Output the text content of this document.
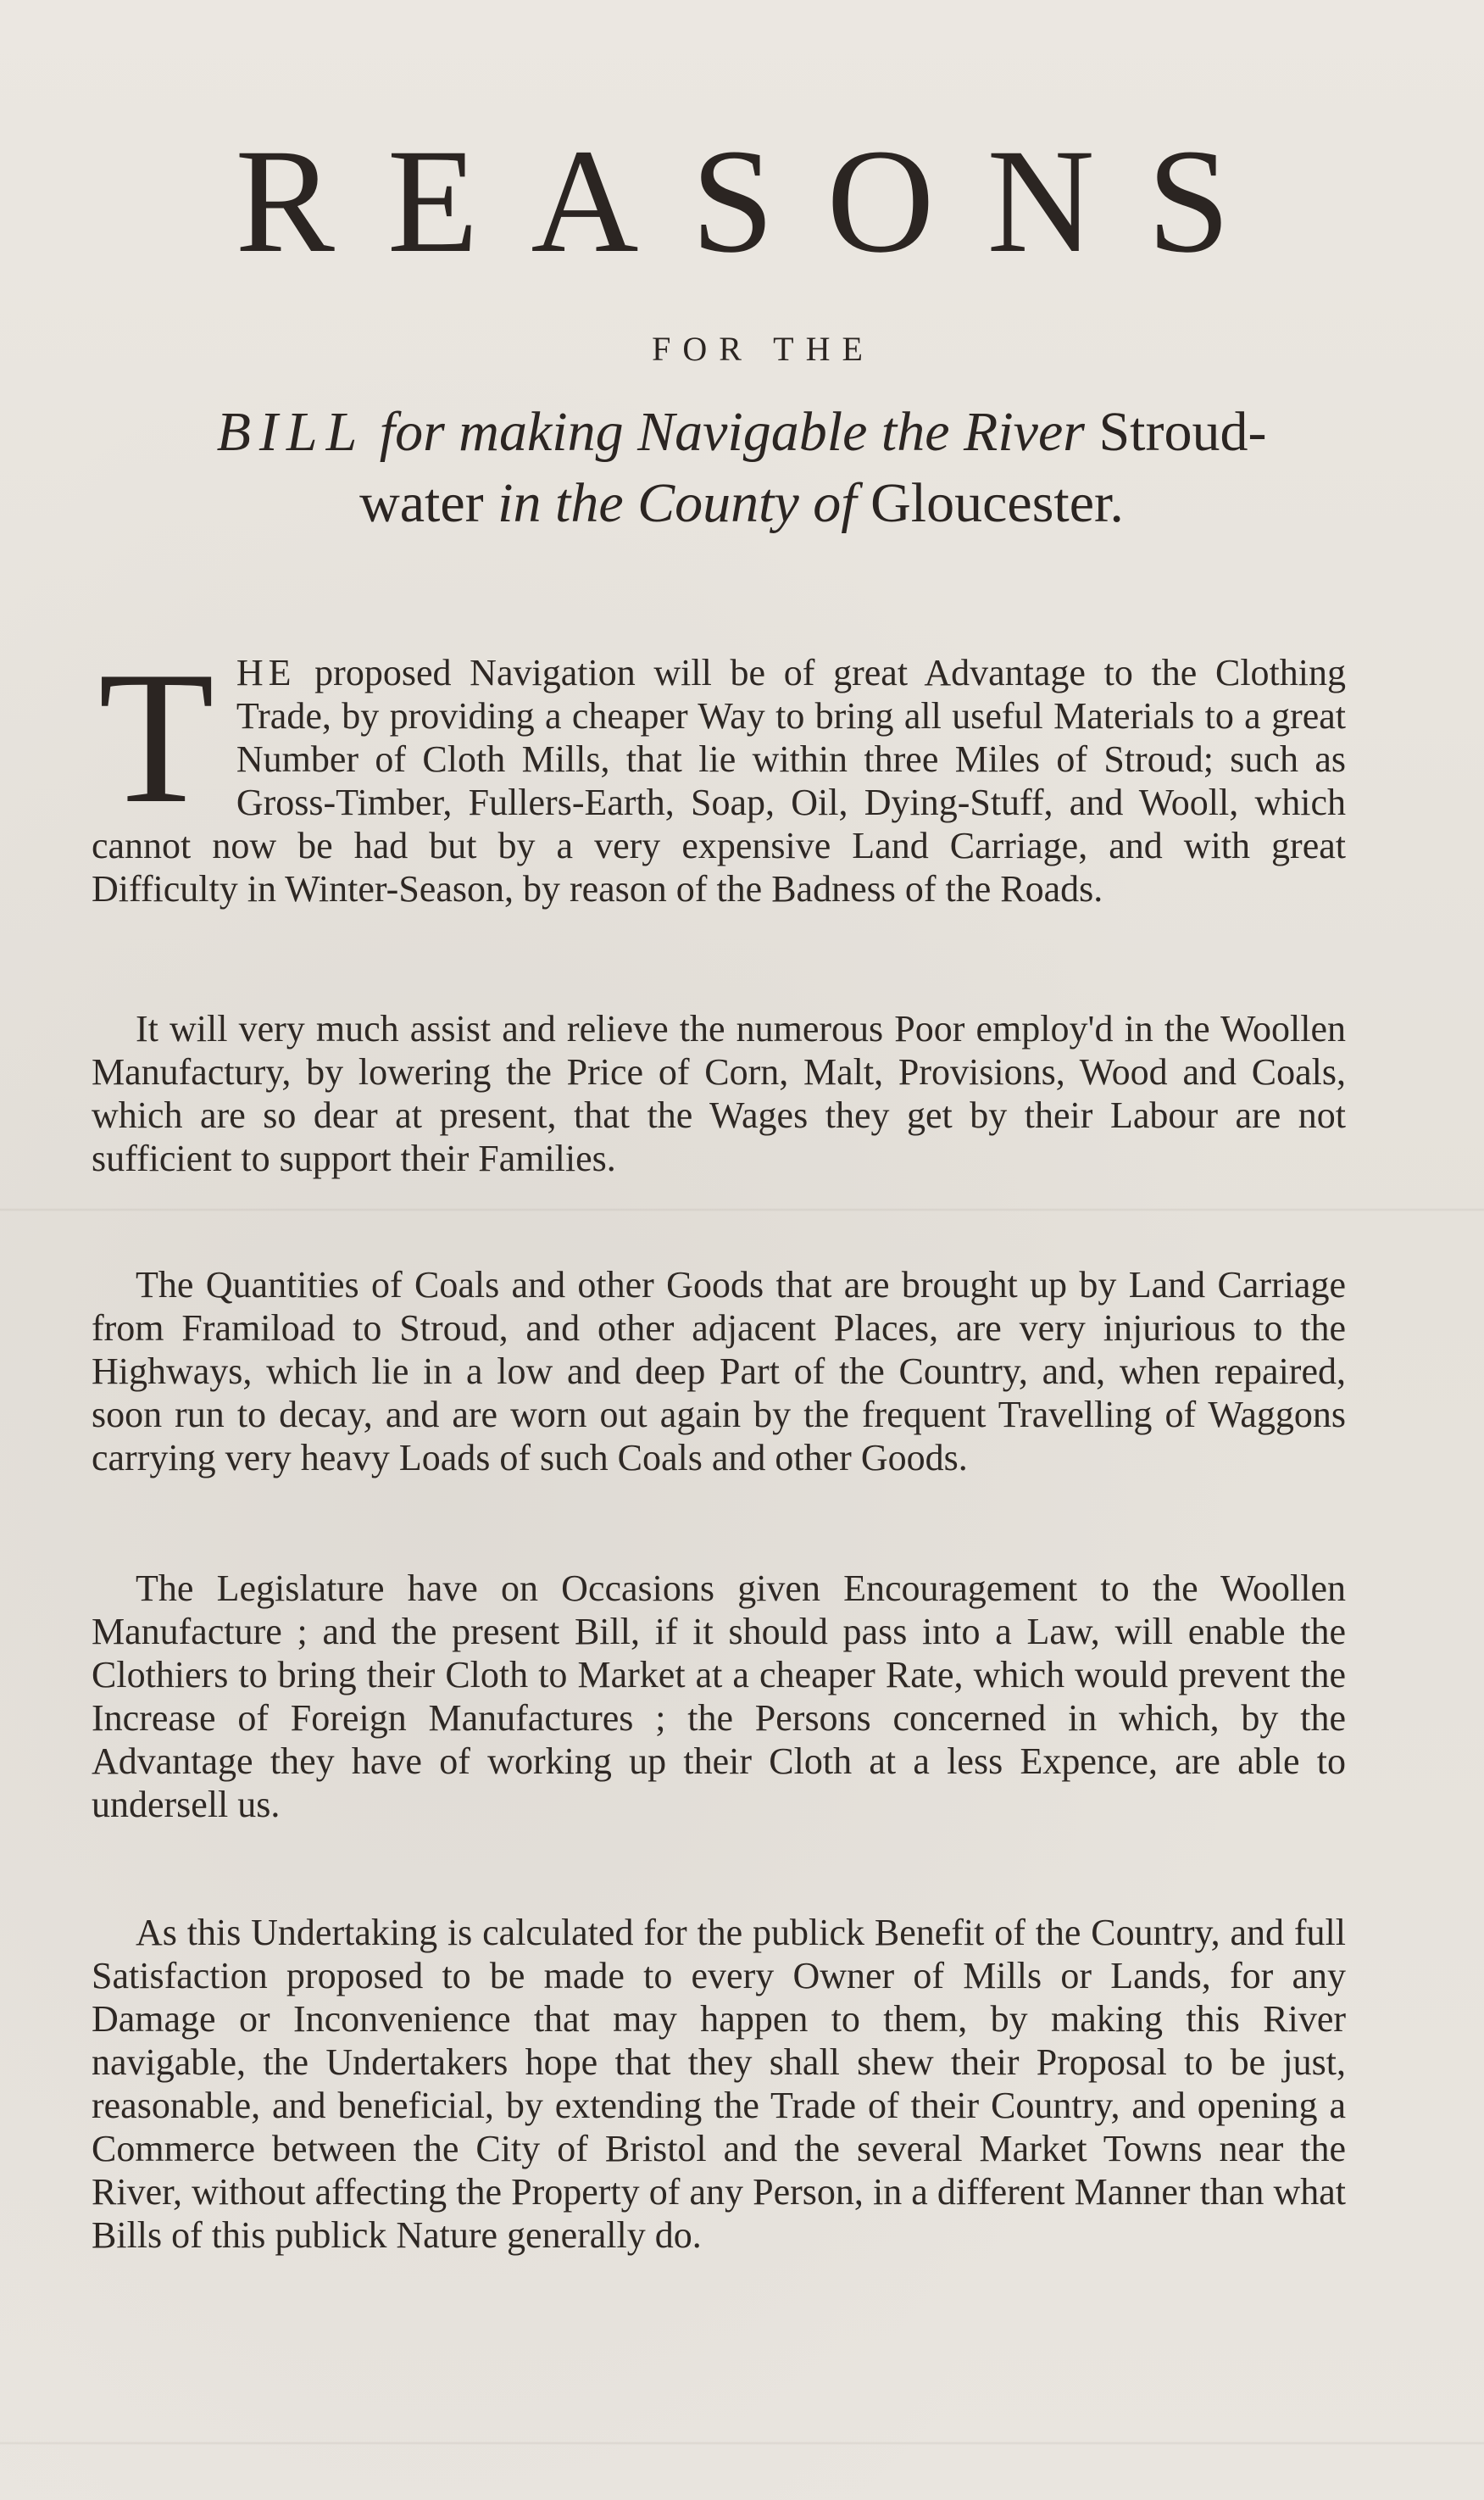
REASONS
FOR THE
BILL for making Navigable the River Stroud-
water in the County of Gloucester.

THE proposed Navigation will be of great Advantage to the Clothing Trade, by providing a cheaper Way to bring all useful Materials to a great Number of Cloth Mills, that lie within three Miles of Stroud; such as Gross-Timber, Fullers-Earth, Soap, Oil, Dying-Stuff, and Wooll, which cannot now be had but by a very expensive Land Carriage, and with great Difficulty in Winter-Season, by reason of the Badness of the Roads.

It will very much assist and relieve the numerous Poor employ'd in the Woollen Manufactury, by lowering the Price of Corn, Malt, Provisions, Wood and Coals, which are so dear at present, that the Wages they get by their Labour are not sufficient to support their Families.

The Quantities of Coals and other Goods that are brought up by Land Carriage from Framiload to Stroud, and other adjacent Places, are very injurious to the Highways, which lie in a low and deep Part of the Country, and, when repaired, soon run to decay, and are worn out again by the frequent Travelling of Waggons carrying very heavy Loads of such Coals and other Goods.

The Legislature have on Occasions given Encouragement to the Woollen Manufacture ; and the present Bill, if it should pass into a Law, will enable the Clothiers to bring their Cloth to Market at a cheaper Rate, which would prevent the Increase of Foreign Manufactures ; the Persons concerned in which, by the Advantage they have of working up their Cloth at a less Expence, are able to undersell us.

As this Undertaking is calculated for the publick Benefit of the Country, and full Satisfaction proposed to be made to every Owner of Mills or Lands, for any Damage or Inconvenience that may happen to them, by making this River navigable, the Undertakers hope that they shall shew their Proposal to be just, reasonable, and beneficial, by extending the Trade of their Country, and opening a Commerce between the City of Bristol and the several Market Towns near the River, without affecting the Property of any Person, in a different Manner than what Bills of this publick Nature generally do.
